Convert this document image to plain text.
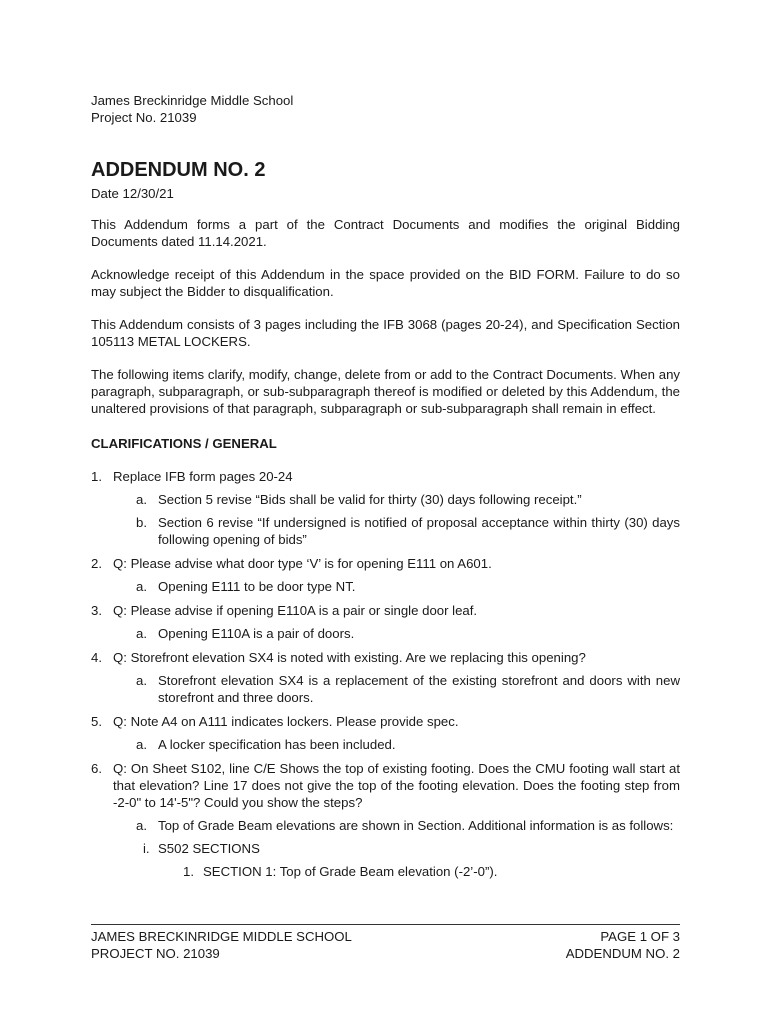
James Breckinridge Middle School
Project No. 21039
ADDENDUM NO. 2
Date 12/30/21

This Addendum forms a part of the Contract Documents and modifies the original Bidding Documents dated 11.14.2021.

Acknowledge receipt of this Addendum in the space provided on the BID FORM. Failure to do so may subject the Bidder to disqualification.

This Addendum consists of 3 pages including the IFB 3068 (pages 20-24), and Specification Section 105113 METAL LOCKERS.

The following items clarify, modify, change, delete from or add to the Contract Documents. When any paragraph, subparagraph, or sub-subparagraph thereof is modified or deleted by this Addendum, the unaltered provisions of that paragraph, subparagraph or sub-subparagraph shall remain in effect.

CLARIFICATIONS / GENERAL
1. Replace IFB form pages 20-24
a. Section 5 revise “Bids shall be valid for thirty (30) days following receipt.”
b. Section 6 revise “If undersigned is notified of proposal acceptance within thirty (30) days following opening of bids”
2. Q: Please advise what door type ‘V’ is for opening E111 on A601.
a. Opening E111 to be door type NT.
3. Q: Please advise if opening E110A is a pair or single door leaf.
a. Opening E110A is a pair of doors.
4. Q: Storefront elevation SX4 is noted with existing. Are we replacing this opening?
a. Storefront elevation SX4 is a replacement of the existing storefront and doors with new storefront and three doors.
5. Q: Note A4 on A111 indicates lockers. Please provide spec.
a. A locker specification has been included.
6. Q: On Sheet S102, line C/E Shows the top of existing footing. Does the CMU footing wall start at that elevation? Line 17 does not give the top of the footing elevation. Does the footing step from -2-0" to 14'-5"? Could you show the steps?
a. Top of Grade Beam elevations are shown in Section. Additional information is as follows:
i. S502 SECTIONS
1. SECTION 1: Top of Grade Beam elevation (-2’-0”).
JAMES BRECKINRIDGE MIDDLE SCHOOL	PAGE 1 OF 3
PROJECT NO. 21039	ADDENDUM NO. 2
